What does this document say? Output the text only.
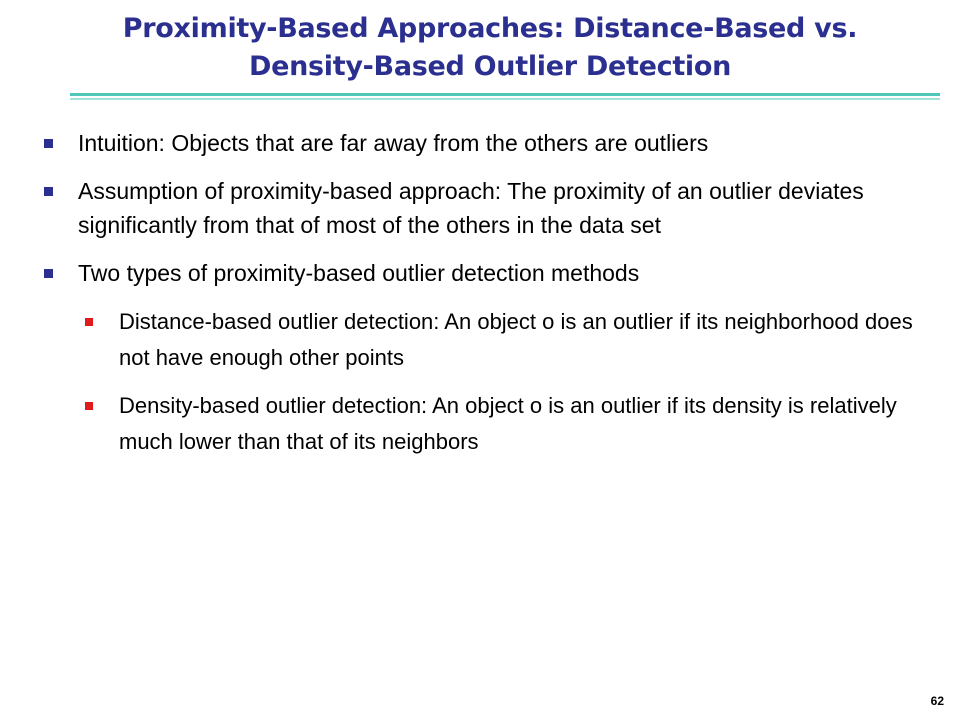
Proximity-Based Approaches: Distance-Based vs.
Density-Based Outlier Detection
Intuition: Objects that are far away from the others are outliers
Assumption of proximity-based approach: The proximity of an outlier deviates significantly from that of most of the others in the data set
Two types of proximity-based outlier detection methods
Distance-based outlier detection: An object o is an outlier if its neighborhood does not have enough other points
Density-based outlier detection: An object o is an outlier if its density is relatively much lower than that of its neighbors
62
